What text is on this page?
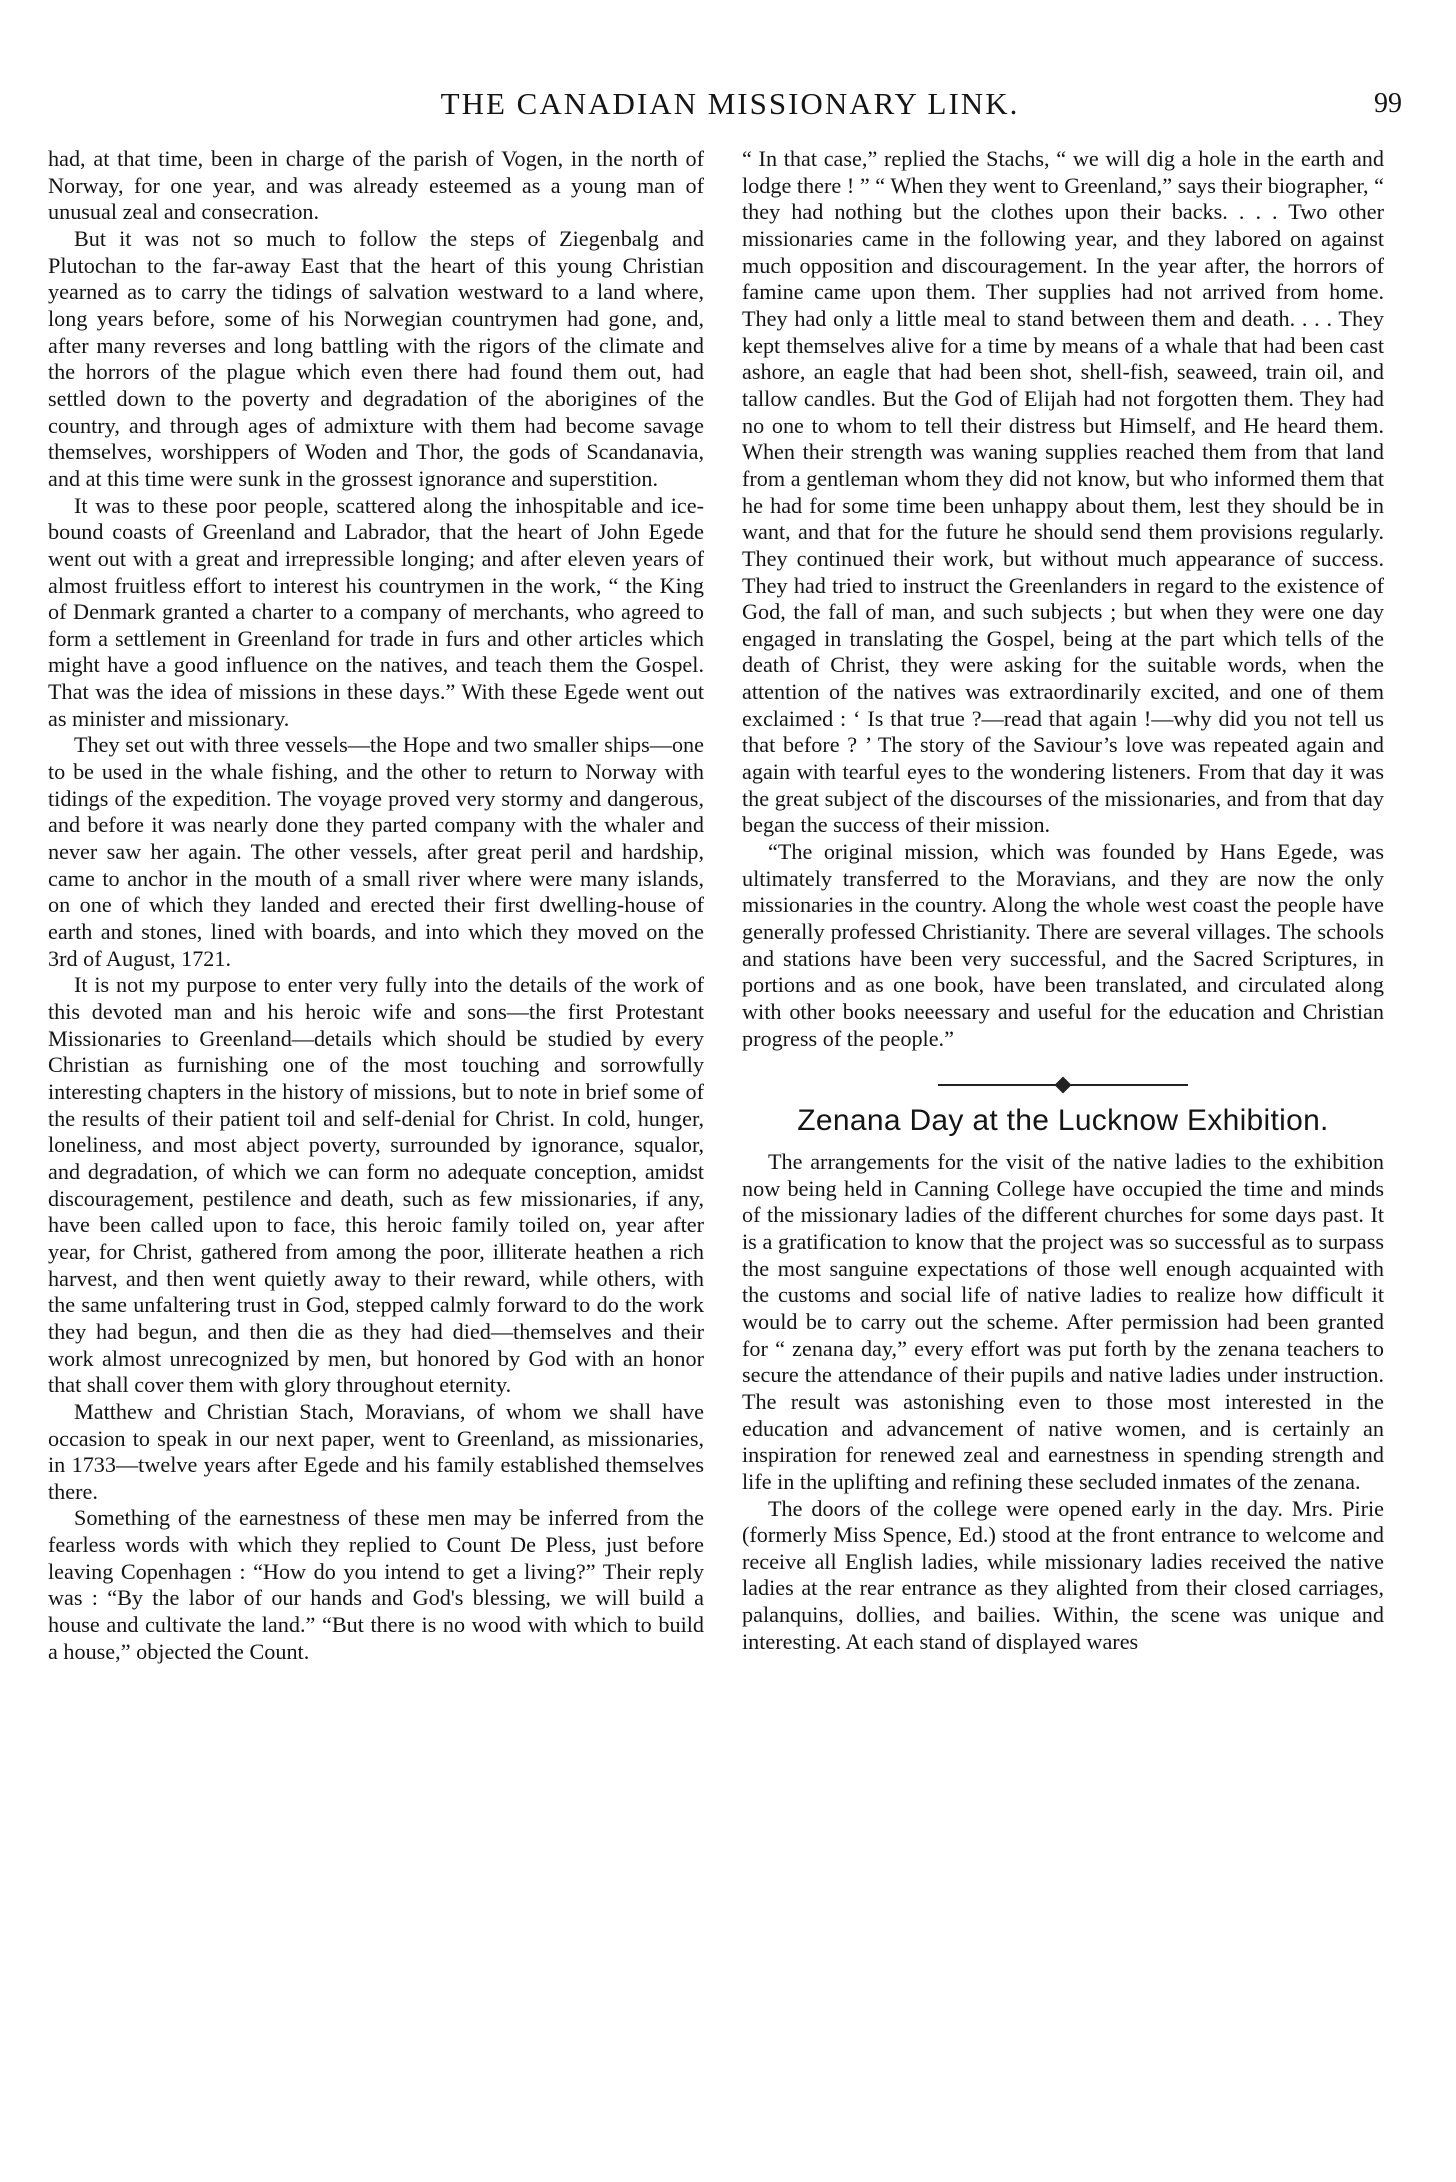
THE CANADIAN MISSIONARY LINK.	99

had, at that time, been in charge of the parish of Vogen, in the north of Norway, for one year, and was already esteemed as a young man of unusual zeal and consecration.

But it was not so much to follow the steps of Ziegenbalg and Plutochan to the far-away East that the heart of this young Christian yearned as to carry the tidings of salvation westward to a land where, long years before, some of his Norwegian countrymen had gone, and, after many reverses and long battling with the rigors of the climate and the horrors of the plague which even there had found them out, had settled down to the poverty and degradation of the aborigines of the country, and through ages of admixture with them had become savage themselves, worshippers of Woden and Thor, the gods of Scandanavia, and at this time were sunk in the grossest ignorance and superstition.

It was to these poor people, scattered along the inhospitable and ice-bound coasts of Greenland and Labrador, that the heart of John Egede went out with a great and irrepressible longing; and after eleven years of almost fruitless effort to interest his countrymen in the work, “ the King of Denmark granted a charter to a company of merchants, who agreed to form a settlement in Greenland for trade in furs and other articles which might have a good influence on the natives, and teach them the Gospel. That was the idea of missions in these days.” With these Egede went out as minister and missionary.

They set out with three vessels—the Hope and two smaller ships—one to be used in the whale fishing, and the other to return to Norway with tidings of the expedition. The voyage proved very stormy and dangerous, and before it was nearly done they parted company with the whaler and never saw her again. The other vessels, after great peril and hardship, came to anchor in the mouth of a small river where were many islands, on one of which they landed and erected their first dwelling-house of earth and stones, lined with boards, and into which they moved on the 3rd of August, 1721.

It is not my purpose to enter very fully into the details of the work of this devoted man and his heroic wife and sons—the first Protestant Missionaries to Greenland—details which should be studied by every Christian as furnishing one of the most touching and sorrowfully interesting chapters in the history of missions, but to note in brief some of the results of their patient toil and self-denial for Christ. In cold, hunger, loneliness, and most abject poverty, surrounded by ignorance, squalor, and degradation, of which we can form no adequate conception, amidst discouragement, pestilence and death, such as few missionaries, if any, have been called upon to face, this heroic family toiled on, year after year, for Christ, gathered from among the poor, illiterate heathen a rich harvest, and then went quietly away to their reward, while others, with the same unfaltering trust in God, stepped calmly forward to do the work they had begun, and then die as they had died—themselves and their work almost unrecognized by men, but honored by God with an honor that shall cover them with glory throughout eternity.

Matthew and Christian Stach, Moravians, of whom we shall have occasion to speak in our next paper, went to Greenland, as missionaries, in 1733—twelve years after Egede and his family established themselves there.

Something of the earnestness of these men may be inferred from the fearless words with which they replied to Count De Pless, just before leaving Copenhagen : “How do you intend to get a living?” Their reply was : “By the labor of our hands and God's blessing, we will build a house and cultivate the land.” “But there is no wood with which to build a house,” objected the Count.

“ In that case,” replied the Stachs, “ we will dig a hole in the earth and lodge there ! ” “ When they went to Greenland,” says their biographer, “ they had nothing but the clothes upon their backs. . . . Two other missionaries came in the following year, and they labored on against much opposition and discouragement. In the year after, the horrors of famine came upon them. Ther supplies had not arrived from home. They had only a little meal to stand between them and death. . . . They kept themselves alive for a time by means of a whale that had been cast ashore, an eagle that had been shot, shell-fish, seaweed, train oil, and tallow candles. But the God of Elijah had not forgotten them. They had no one to whom to tell their distress but Himself, and He heard them. When their strength was waning supplies reached them from that land from a gentleman whom they did not know, but who informed them that he had for some time been unhappy about them, lest they should be in want, and that for the future he should send them provisions regularly. They continued their work, but without much appearance of success. They had tried to instruct the Greenlanders in regard to the existence of God, the fall of man, and such subjects ; but when they were one day engaged in translating the Gospel, being at the part which tells of the death of Christ, they were asking for the suitable words, when the attention of the natives was extraordinarily excited, and one of them exclaimed : ‘ Is that true ?—read that again !—why did you not tell us that before ? ’ The story of the Saviour’s love was repeated again and again with tearful eyes to the wondering listeners. From that day it was the great subject of the discourses of the missionaries, and from that day began the success of their mission.

“The original mission, which was founded by Hans Egede, was ultimately transferred to the Moravians, and they are now the only missionaries in the country. Along the whole west coast the people have generally professed Christianity. There are several villages. The schools and stations have been very successful, and the Sacred Scriptures, in portions and as one book, have been translated, and circulated along with other books neeessary and useful for the education and Christian progress of the people.”

Zenana Day at the Lucknow Exhibition.

The arrangements for the visit of the native ladies to the exhibition now being held in Canning College have occupied the time and minds of the missionary ladies of the different churches for some days past. It is a gratification to know that the project was so successful as to surpass the most sanguine expectations of those well enough acquainted with the customs and social life of native ladies to realize how difficult it would be to carry out the scheme. After permission had been granted for “ zenana day,” every effort was put forth by the zenana teachers to secure the attendance of their pupils and native ladies under instruction. The result was astonishing even to those most interested in the education and advancement of native women, and is certainly an inspiration for renewed zeal and earnestness in spending strength and life in the uplifting and refining these secluded inmates of the zenana.

The doors of the college were opened early in the day. Mrs. Pirie (formerly Miss Spence, Ed.) stood at the front entrance to welcome and receive all English ladies, while missionary ladies received the native ladies at the rear entrance as they alighted from their closed carriages, palanquins, dollies, and bailies. Within, the scene was unique and interesting. At each stand of displayed wares
